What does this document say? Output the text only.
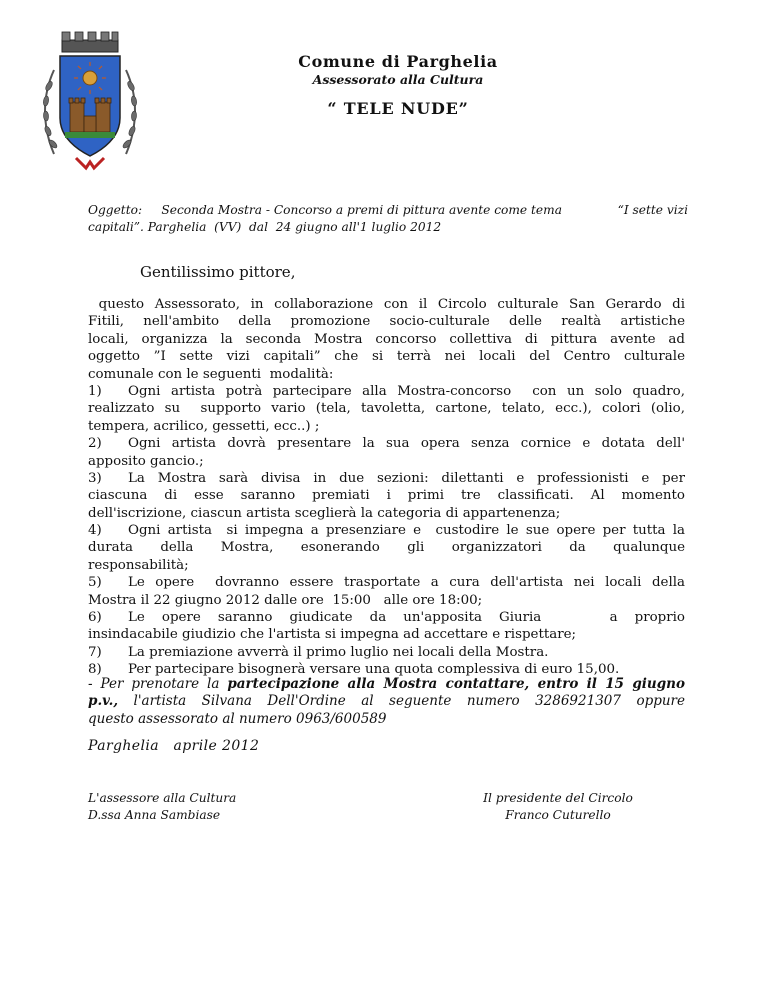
Comune di Parghelia
Assessorato alla Cultura
“ TELE NUDE”
Oggetto:     Seconda Mostra - Concorso a premi di pittura avente come tema	“I sette vizi
capitali”. Parghelia  (VV)  dal  24 giugno all'1 luglio 2012
Gentilissimo pittore,
questo Assessorato, in collaborazione con il Circolo culturale San Gerardo di
Fitili, nell'ambito della promozione socio-culturale delle realtà artistiche
locali, organizza la seconda Mostra concorso collettiva di pittura avente ad
oggetto ”I sette vizi capitali” che si terrà nei locali del Centro culturale
comunale con le seguenti  modalità:
1) Ogni artista potrà partecipare alla Mostra-concorso  con un solo quadro,
realizzato su  supporto vario (tela, tavoletta, cartone, telato, ecc.), colori (olio,
tempera, acrilico, gessetti, ecc..) ;
2) Ogni artista dovrà presentare la sua opera senza cornice e dotata dell'
apposito gancio.;
3) La Mostra sarà divisa in due sezioni: dilettanti e professionisti e per
ciascuna di esse saranno premiati i primi tre classificati. Al momento
dell'iscrizione, ciascun artista sceglierà la categoria di appartenenza;
4) Ogni artista  si impegna a presenziare e  custodire le sue opere per tutta la
durata della Mostra, esonerando gli organizzatori da qualunque
responsabilità;
5) Le opere  dovranno essere trasportate a cura dell'artista nei locali della
Mostra il 22 giugno 2012 dalle ore  15:00   alle ore 18:00;
6) Le opere saranno giudicate da un'apposita Giuria    a proprio
insindacabile giudizio che l'artista si impegna ad accettare e rispettare;
7) La premiazione avverrà il primo luglio nei locali della Mostra.
8) Per partecipare bisognerà versare una quota complessiva di euro 15,00.
- Per prenotare la partecipazione alla Mostra contattare, entro il 15 giugno
p.v., l'artista Silvana Dell'Ordine al seguente numero 3286921307 oppure
questo assessorato al numero 0963/600589
Parghelia   aprile 2012
L'assessore alla Cultura
D.ssa Anna Sambiase
Il presidente del Circolo
Franco Cuturello
